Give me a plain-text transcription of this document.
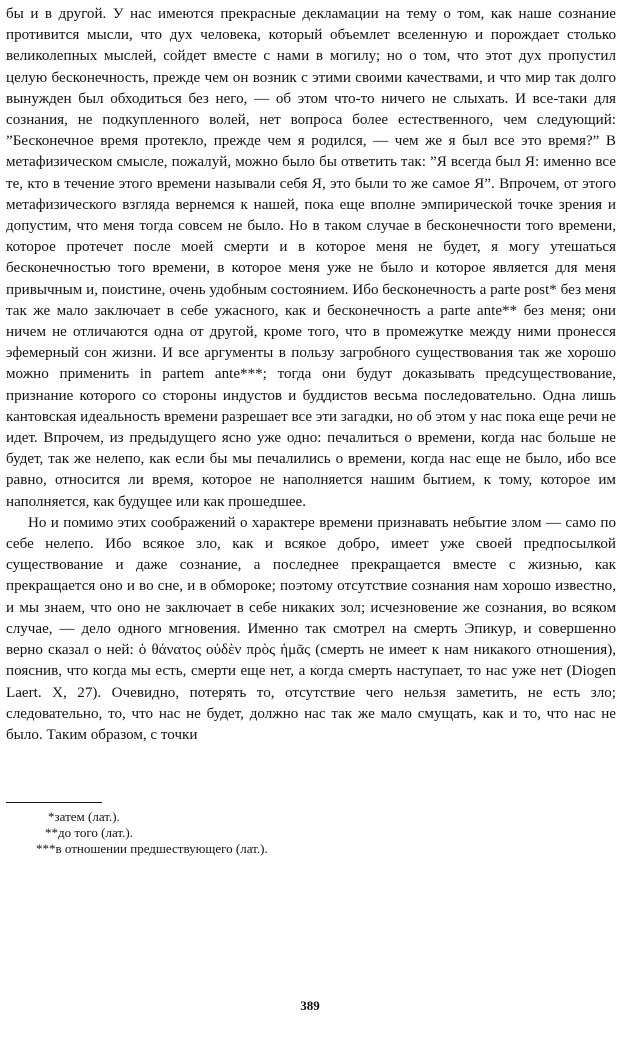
бы и в другой. У нас имеются прекрасные декламации на тему о том, как наше сознание противится мысли, что дух человека, который объемлет вселенную и порождает столько великолепных мыслей, сойдет вместе с нами в могилу; но о том, что этот дух пропустил целую бесконечность, прежде чем он возник с этими своими качествами, и что мир так долго вынужден был обходиться без него, — об этом что-то ничего не слыхать. И все-таки для сознания, не подкупленного волей, нет вопроса более естественного, чем следующий: ”Бесконечное время протекло, прежде чем я родился, — чем же я был все это время?” В метафизическом смысле, пожалуй, можно было бы ответить так: ”Я всегда был Я: именно все те, кто в течение этого времени называли себя Я, это были то же самое Я”. Впрочем, от этого метафизического взгляда вернемся к нашей, пока еще вполне эмпирической точке зрения и допустим, что меня тогда совсем не было. Но в таком случае в бесконечности того времени, которое протечет после моей смерти и в которое меня не будет, я могу утешаться бесконечностью того времени, в которое меня уже не было и которое является для меня привычным и, поистине, очень удобным состоянием. Ибо бесконечность a parte post* без меня так же мало заключает в себе ужасного, как и бесконечность a parte ante** без меня; они ничем не отличаются одна от другой, кроме того, что в промежутке между ними пронесся эфемерный сон жизни. И все аргументы в пользу загробного существования так же хорошо можно применить in partem ante***; тогда они будут доказывать предсуществование, признание которого со стороны индустов и буддистов весьма последовательно. Одна лишь кантовская идеальность времени разрешает все эти загадки, но об этом у нас пока еще речи не идет. Впрочем, из предыдущего ясно уже одно: печалиться о времени, когда нас больше не будет, так же нелепо, как если бы мы печалились о времени, когда нас еще не было, ибо все равно, относится ли время, которое не наполняется нашим бытием, к тому, которое им наполняется, как будущее или как прошедшее.

Но и помимо этих соображений о характере времени признавать небытие злом — само по себе нелепо. Ибо всякое зло, как и всякое добро, имеет уже своей предпосылкой существование и даже сознание, а последнее прекращается вместе с жизнью, как прекращается оно и во сне, и в обмороке; поэтому отсутствие сознания нам хорошо известно, и мы знаем, что оно не заключает в себе никаких зол; исчезновение же сознания, во всяком случае, — дело одного мгновения. Именно так смотрел на смерть Эпикур, и совершенно верно сказал о ней: ὁ θάνατος οὐδὲν πρὸς ἡμᾶς (смерть не имеет к нам никакого отношения), пояснив, что когда мы есть, смерти еще нет, а когда смерть наступает, то нас уже нет (Diogen Laert. X, 27). Очевидно, потерять то, отсутствие чего нельзя заметить, не есть зло; следовательно, то, что нас не будет, должно нас так же мало смущать, как и то, что нас не было. Таким образом, с точки

*затем (лат.).
**до того (лат.).
***в отношении предшествующего (лат.).
389
